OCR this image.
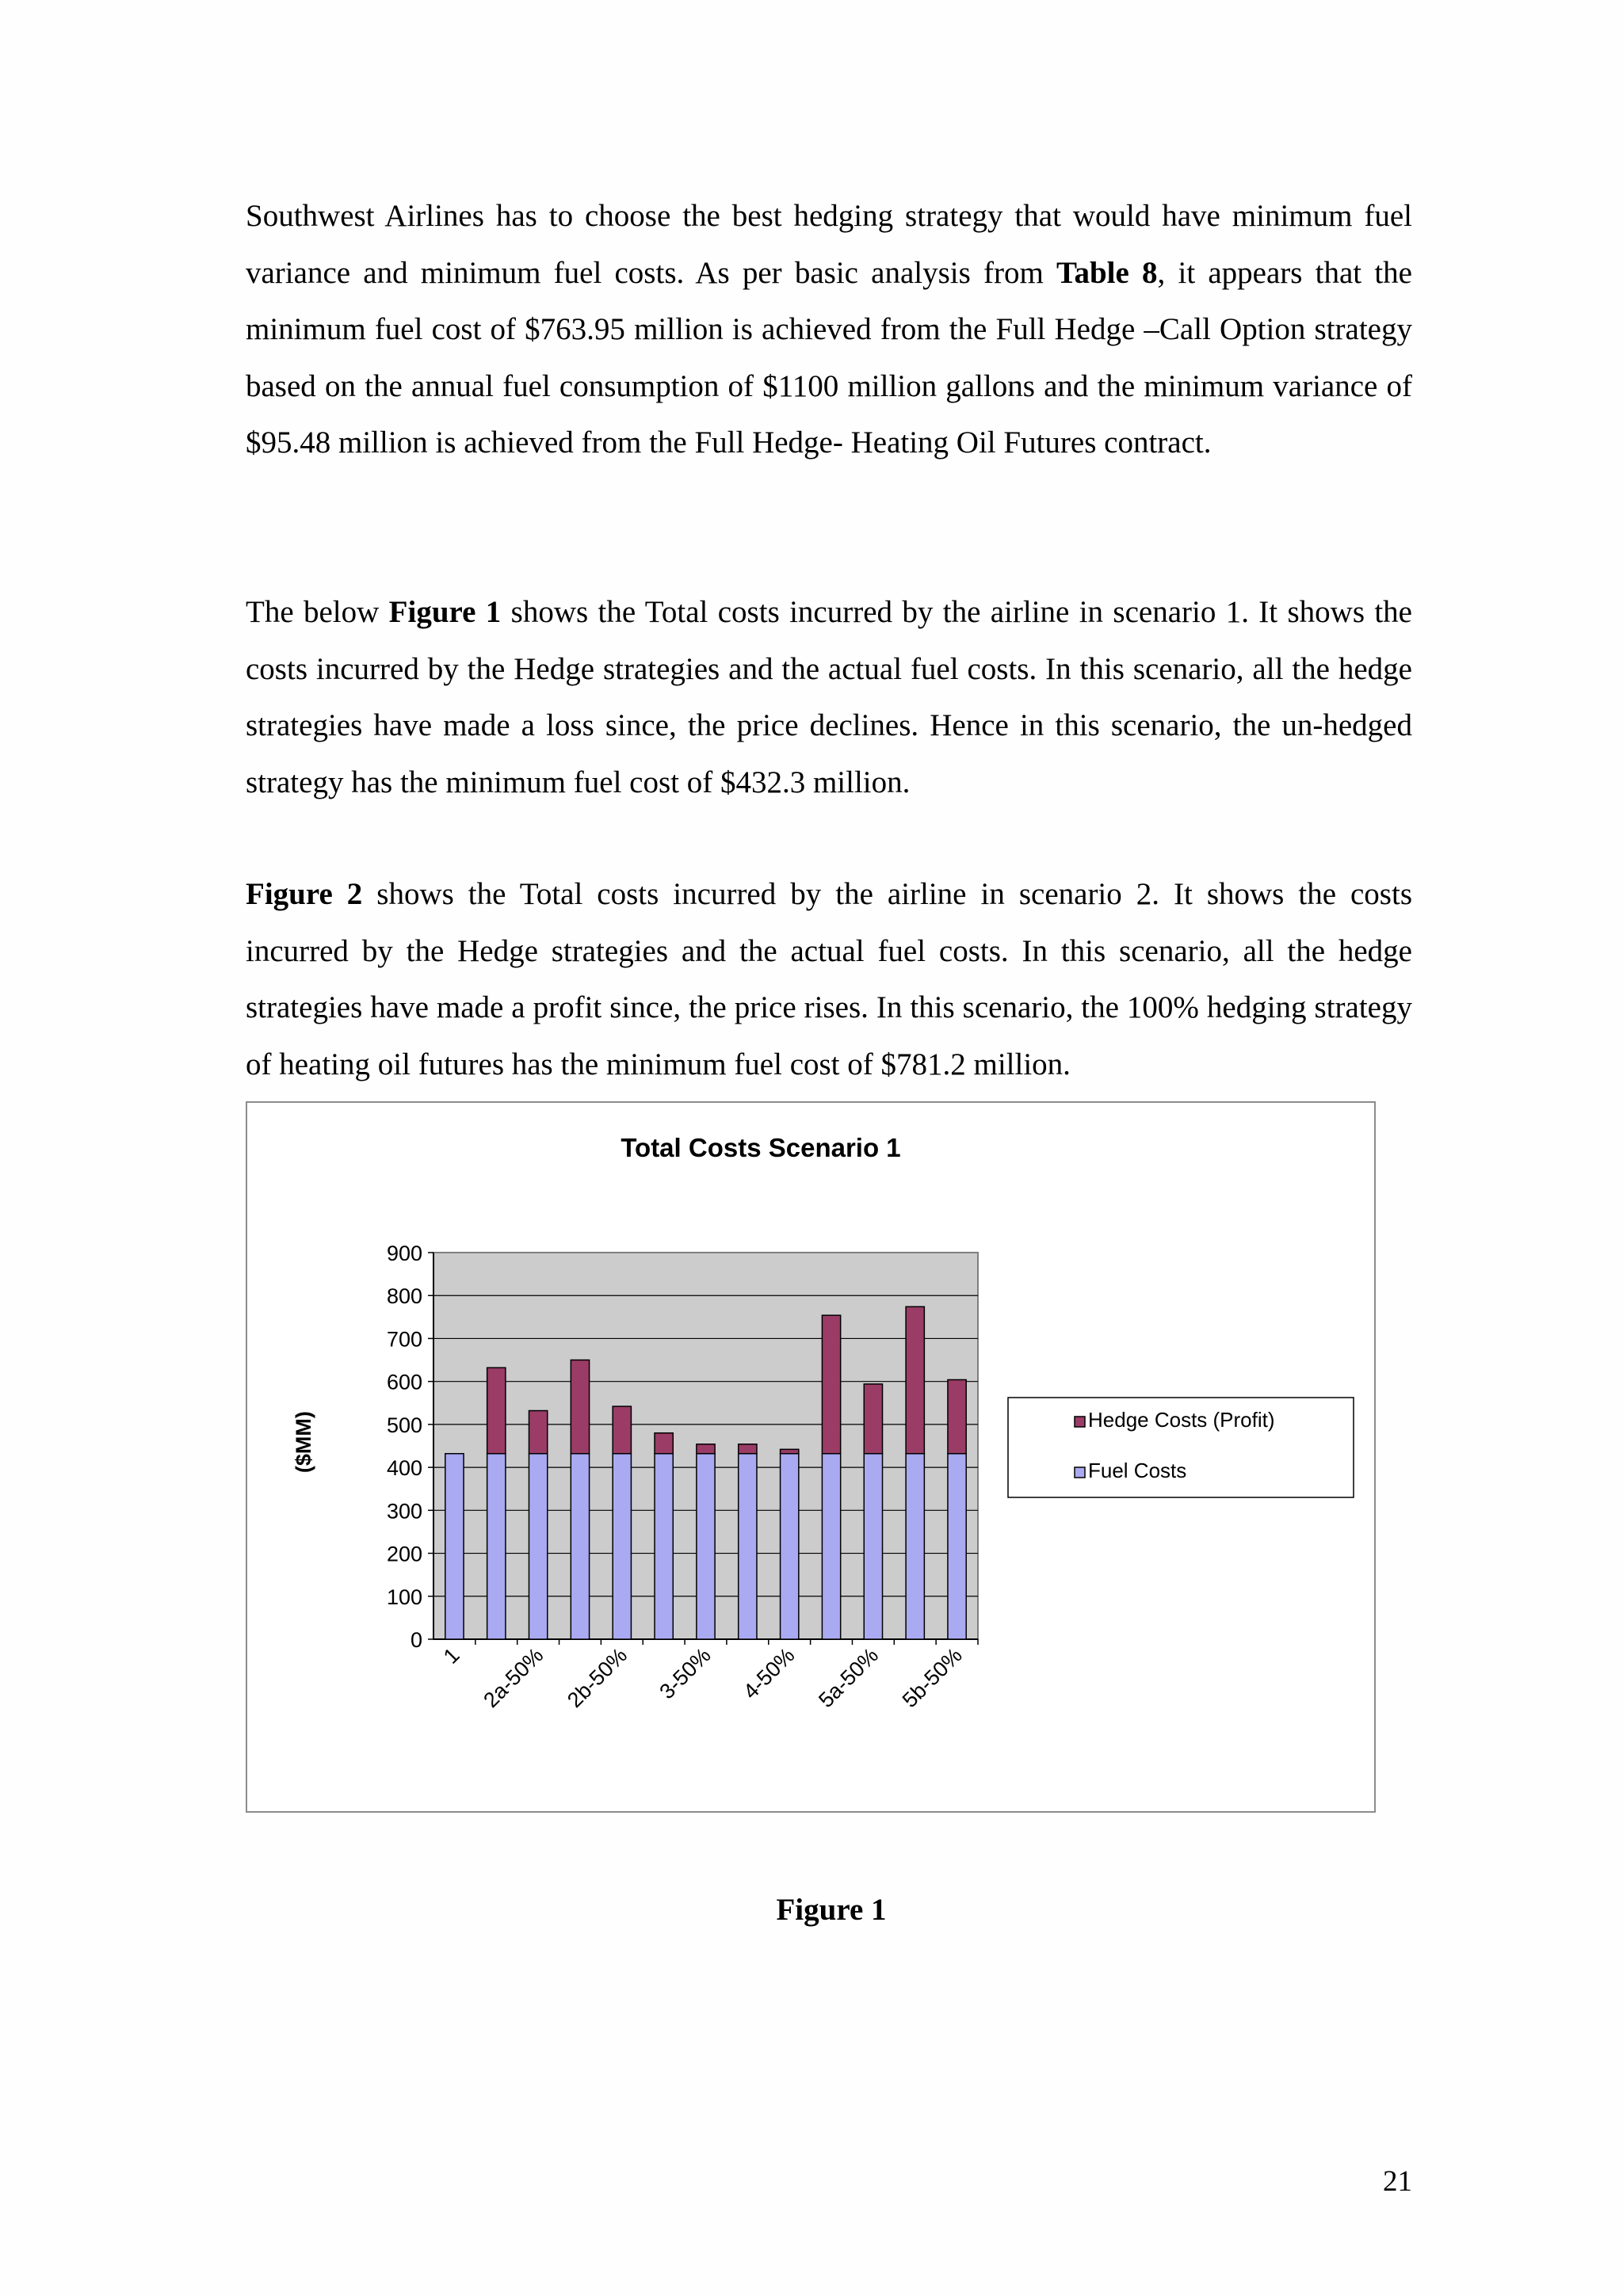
Southwest Airlines has to choose the best hedging strategy that would have minimum fuel variance and minimum fuel costs. As per basic analysis from Table 8, it appears that the minimum fuel cost of $763.95 million is achieved from the Full Hedge –Call Option strategy based on the annual fuel consumption of $1100 million gallons and the minimum variance of $95.48 million is achieved from the Full Hedge- Heating Oil Futures contract.

The below Figure 1 shows the Total costs incurred by the airline in scenario 1. It shows the costs incurred by the Hedge strategies and the actual fuel costs. In this scenario, all the hedge strategies have made a loss since, the price declines. Hence in this scenario, the un-hedged strategy has the minimum fuel cost of $432.3 million.

Figure 2 shows the Total costs incurred by the airline in scenario 2. It shows the costs incurred by the Hedge strategies and the actual fuel costs. In this scenario, all the hedge strategies have made a profit since, the price rises. In this scenario, the 100% hedging strategy of heating oil futures has the minimum fuel cost of $781.2 million.

Total Costs Scenario 1
0
100
200
300
400
500
600
700
800
900
($MM)
1 2a-50% 2b-50% 3-50% 4-50% 5a-50% 5b-50%
Hedge Costs (Profit)
Fuel Costs
Figure 1
21
